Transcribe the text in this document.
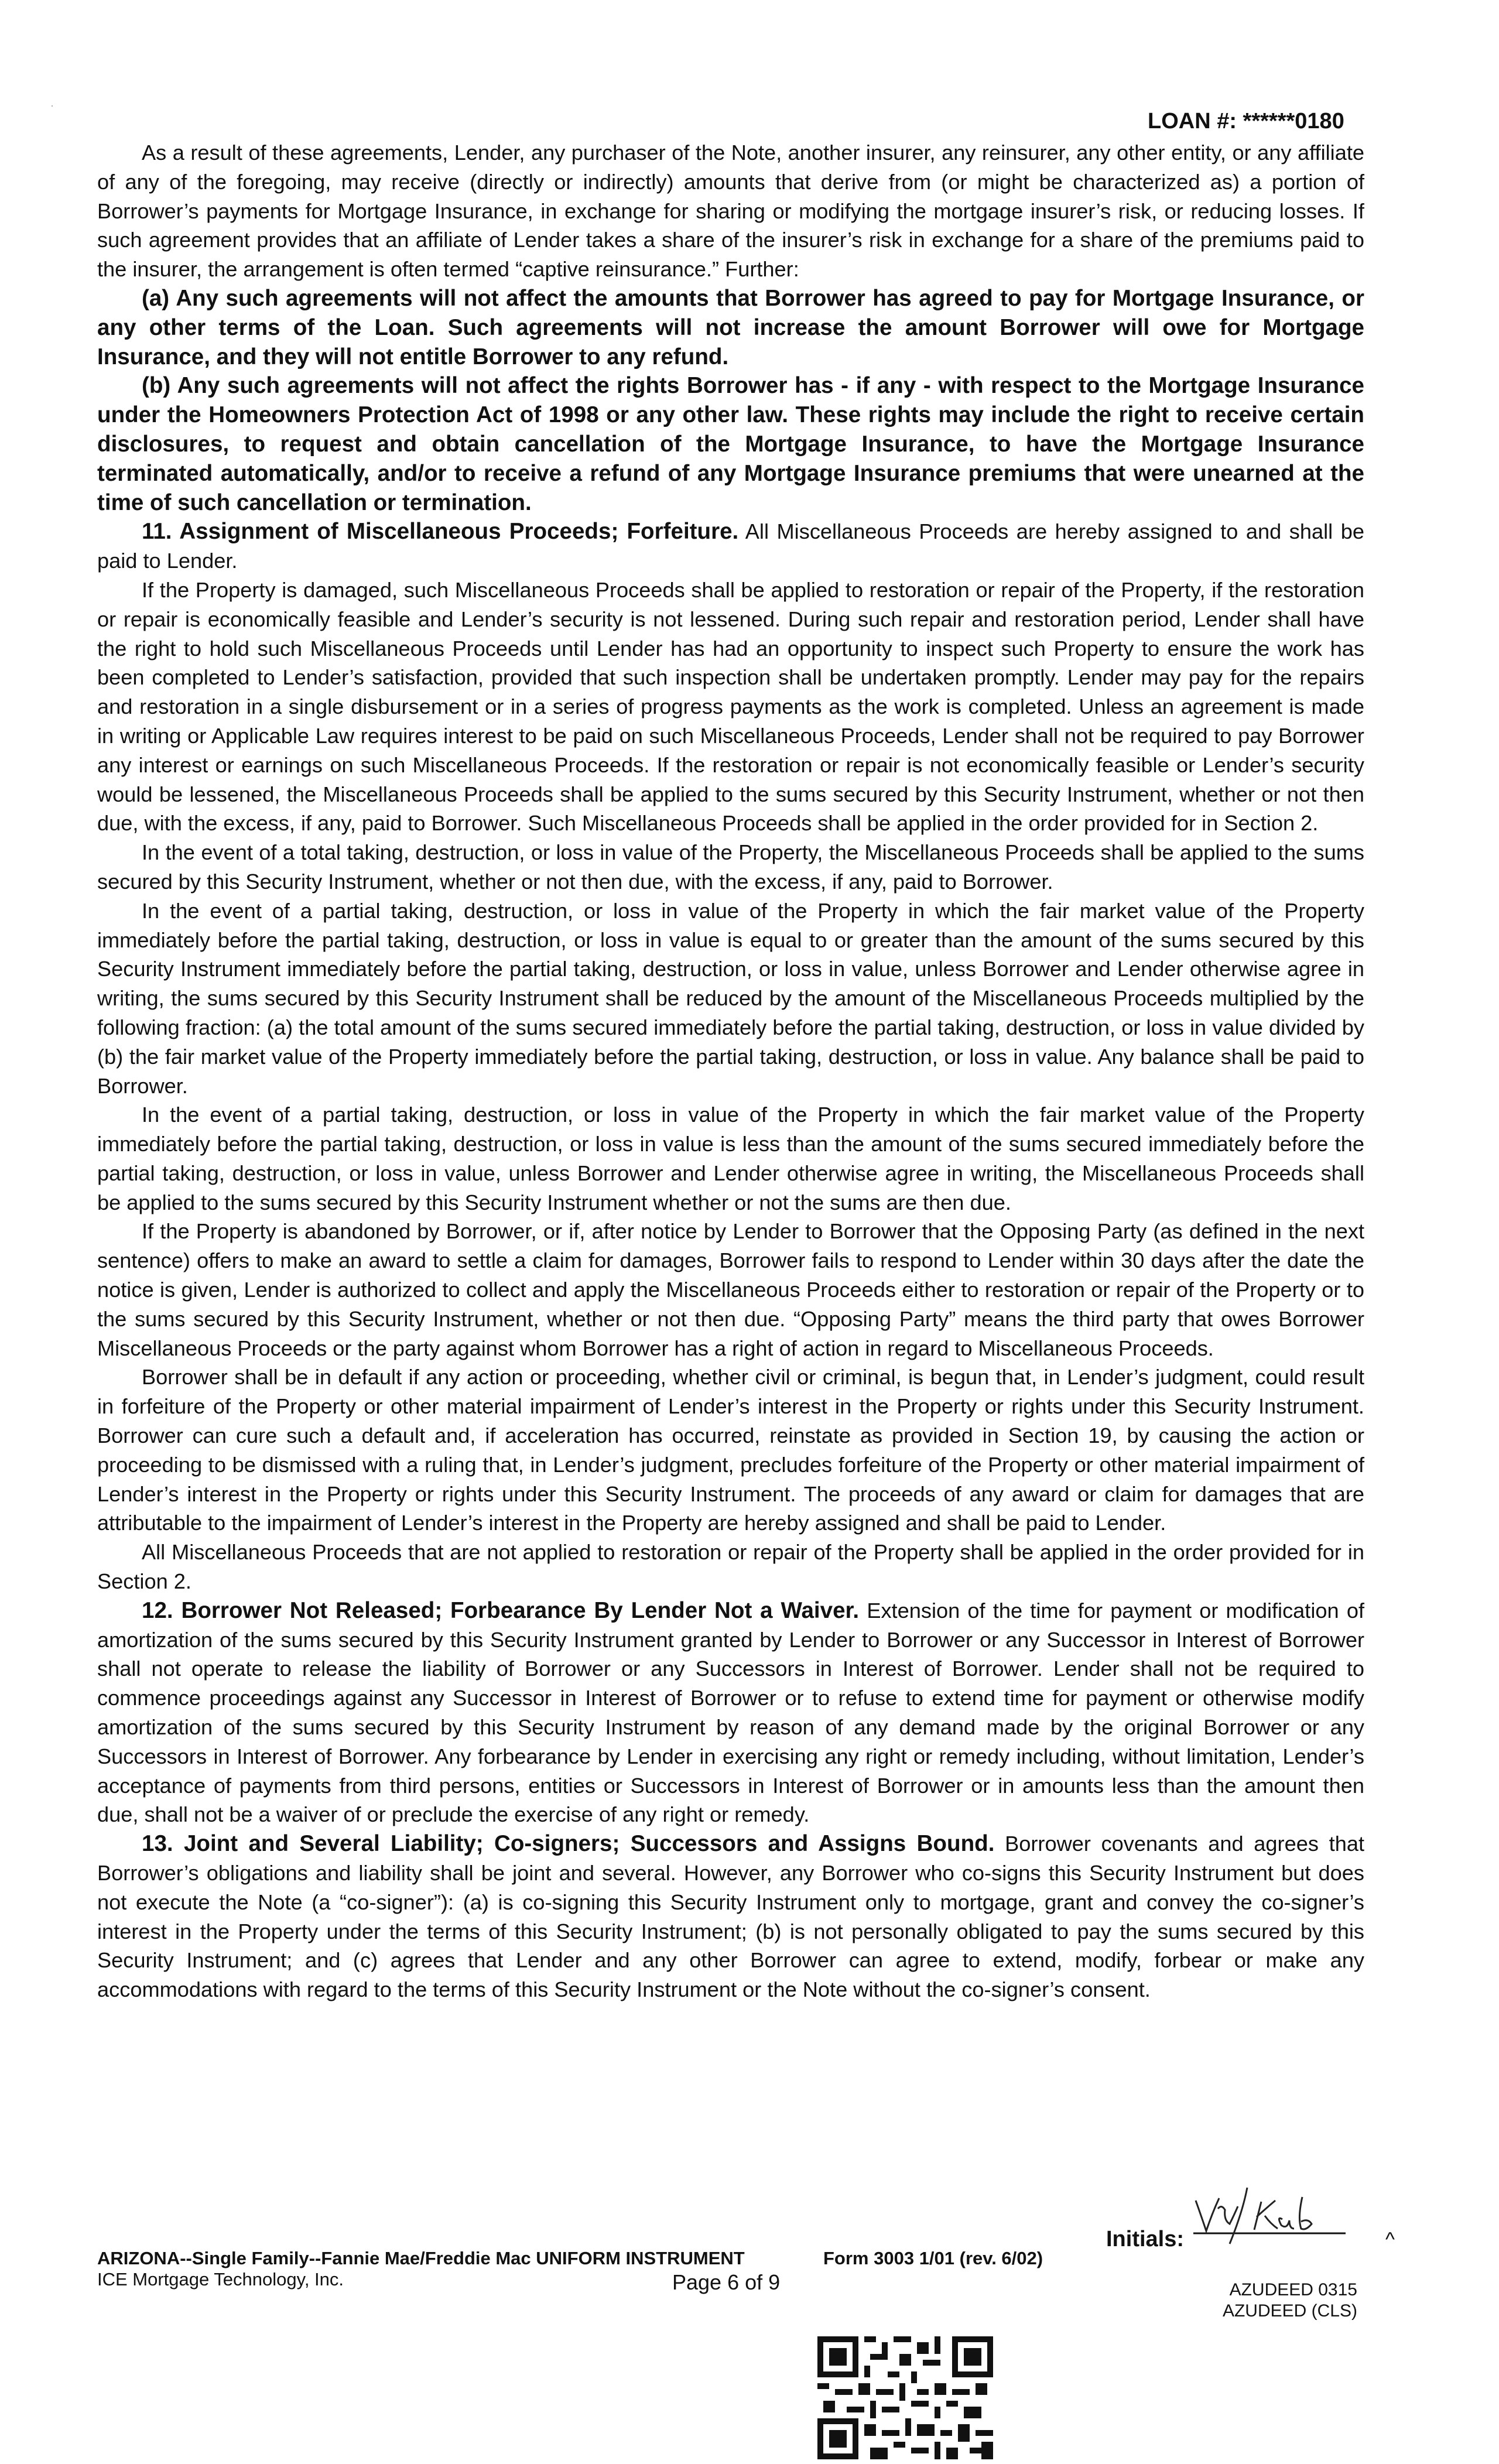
·
LOAN #: ******0180

As a result of these agreements, Lender, any purchaser of the Note, another insurer, any reinsurer, any other entity, or any affiliate of any of the foregoing, may receive (directly or indirectly) amounts that derive from (or might be characterized as) a portion of Borrower’s payments for Mortgage Insurance, in exchange for sharing or modifying the mortgage insurer’s risk, or reducing losses. If such agreement provides that an affiliate of Lender takes a share of the insurer’s risk in exchange for a share of the premiums paid to the insurer, the arrangement is often termed “captive reinsurance.” Further:

(a) Any such agreements will not affect the amounts that Borrower has agreed to pay for Mortgage Insurance, or any other terms of the Loan. Such agreements will not increase the amount Borrower will owe for Mortgage Insurance, and they will not entitle Borrower to any refund.

(b) Any such agreements will not affect the rights Borrower has - if any - with respect to the Mortgage Insurance under the Homeowners Protection Act of 1998 or any other law. These rights may include the right to receive certain disclosures, to request and obtain cancellation of the Mortgage Insurance, to have the Mortgage Insurance terminated automatically, and/or to receive a refund of any Mortgage Insurance premiums that were unearned at the time of such cancellation or termination.

11. Assignment of Miscellaneous Proceeds; Forfeiture. All Miscellaneous Proceeds are hereby assigned to and shall be paid to Lender.

If the Property is damaged, such Miscellaneous Proceeds shall be applied to restoration or repair of the Property, if the restoration or repair is economically feasible and Lender’s security is not lessened. During such repair and restoration period, Lender shall have the right to hold such Miscellaneous Proceeds until Lender has had an opportunity to inspect such Property to ensure the work has been completed to Lender’s satisfaction, provided that such inspection shall be undertaken promptly. Lender may pay for the repairs and restoration in a single disbursement or in a series of progress payments as the work is completed. Unless an agreement is made in writing or Applicable Law requires interest to be paid on such Miscellaneous Proceeds, Lender shall not be required to pay Borrower any interest or earnings on such Miscellaneous Proceeds. If the restoration or repair is not economically feasible or Lender’s security would be lessened, the Miscellaneous Proceeds shall be applied to the sums secured by this Security Instrument, whether or not then due, with the excess, if any, paid to Borrower. Such Miscellaneous Proceeds shall be applied in the order provided for in Section 2.

In the event of a total taking, destruction, or loss in value of the Property, the Miscellaneous Proceeds shall be applied to the sums secured by this Security Instrument, whether or not then due, with the excess, if any, paid to Borrower.

In the event of a partial taking, destruction, or loss in value of the Property in which the fair market value of the Property immediately before the partial taking, destruction, or loss in value is equal to or greater than the amount of the sums secured by this Security Instrument immediately before the partial taking, destruction, or loss in value, unless Borrower and Lender otherwise agree in writing, the sums secured by this Security Instrument shall be reduced by the amount of the Miscellaneous Proceeds multiplied by the following fraction: (a) the total amount of the sums secured immediately before the partial taking, destruction, or loss in value divided by (b) the fair market value of the Property immediately before the partial taking, destruction, or loss in value. Any balance shall be paid to Borrower.

In the event of a partial taking, destruction, or loss in value of the Property in which the fair market value of the Property immediately before the partial taking, destruction, or loss in value is less than the amount of the sums secured immediately before the partial taking, destruction, or loss in value, unless Borrower and Lender otherwise agree in writing, the Miscellaneous Proceeds shall be applied to the sums secured by this Security Instrument whether or not the sums are then due.

If the Property is abandoned by Borrower, or if, after notice by Lender to Borrower that the Opposing Party (as defined in the next sentence) offers to make an award to settle a claim for damages, Borrower fails to respond to Lender within 30 days after the date the notice is given, Lender is authorized to collect and apply the Miscellaneous Proceeds either to restoration or repair of the Property or to the sums secured by this Security Instrument, whether or not then due. “Opposing Party” means the third party that owes Borrower Miscellaneous Proceeds or the party against whom Borrower has a right of action in regard to Miscellaneous Proceeds.

Borrower shall be in default if any action or proceeding, whether civil or criminal, is begun that, in Lender’s judgment, could result in forfeiture of the Property or other material impairment of Lender’s interest in the Property or rights under this Security Instrument. Borrower can cure such a default and, if acceleration has occurred, reinstate as provided in Section 19, by causing the action or proceeding to be dismissed with a ruling that, in Lender’s judgment, precludes forfeiture of the Property or other material impairment of Lender’s interest in the Property or rights under this Security Instrument. The proceeds of any award or claim for damages that are attributable to the impairment of Lender’s interest in the Property are hereby assigned and shall be paid to Lender.

All Miscellaneous Proceeds that are not applied to restoration or repair of the Property shall be applied in the order provided for in Section 2.

12. Borrower Not Released; Forbearance By Lender Not a Waiver. Extension of the time for payment or modification of amortization of the sums secured by this Security Instrument granted by Lender to Borrower or any Successor in Interest of Borrower shall not operate to release the liability of Borrower or any Successors in Interest of Borrower. Lender shall not be required to commence proceedings against any Successor in Interest of Borrower or to refuse to extend time for payment or otherwise modify amortization of the sums secured by this Security Instrument by reason of any demand made by the original Borrower or any Successors in Interest of Borrower. Any forbearance by Lender in exercising any right or remedy including, without limitation, Lender’s acceptance of payments from third persons, entities or Successors in Interest of Borrower or in amounts less than the amount then due, shall not be a waiver of or preclude the exercise of any right or remedy.

13. Joint and Several Liability; Co-signers; Successors and Assigns Bound. Borrower covenants and agrees that Borrower’s obligations and liability shall be joint and several. However, any Borrower who co-signs this Security Instrument but does not execute the Note (a “co-signer”): (a) is co-signing this Security Instrument only to mortgage, grant and convey the co-signer’s interest in the Property under the terms of this Security Instrument; (b) is not personally obligated to pay the sums secured by this Security Instrument; and (c) agrees that Lender and any other Borrower can agree to extend, modify, forbear or make any accommodations with regard to the terms of this Security Instrument or the Note without the co-signer’s consent.

ARIZONA--Single Family--Fannie Mae/Freddie Mac UNIFORM INSTRUMENT
ICE Mortgage Technology, Inc.
Form 3003 1/01 (rev. 6/02)
Page 6 of 9
Initials:	^
AZUDEED 0315
AZUDEED (CLS)
